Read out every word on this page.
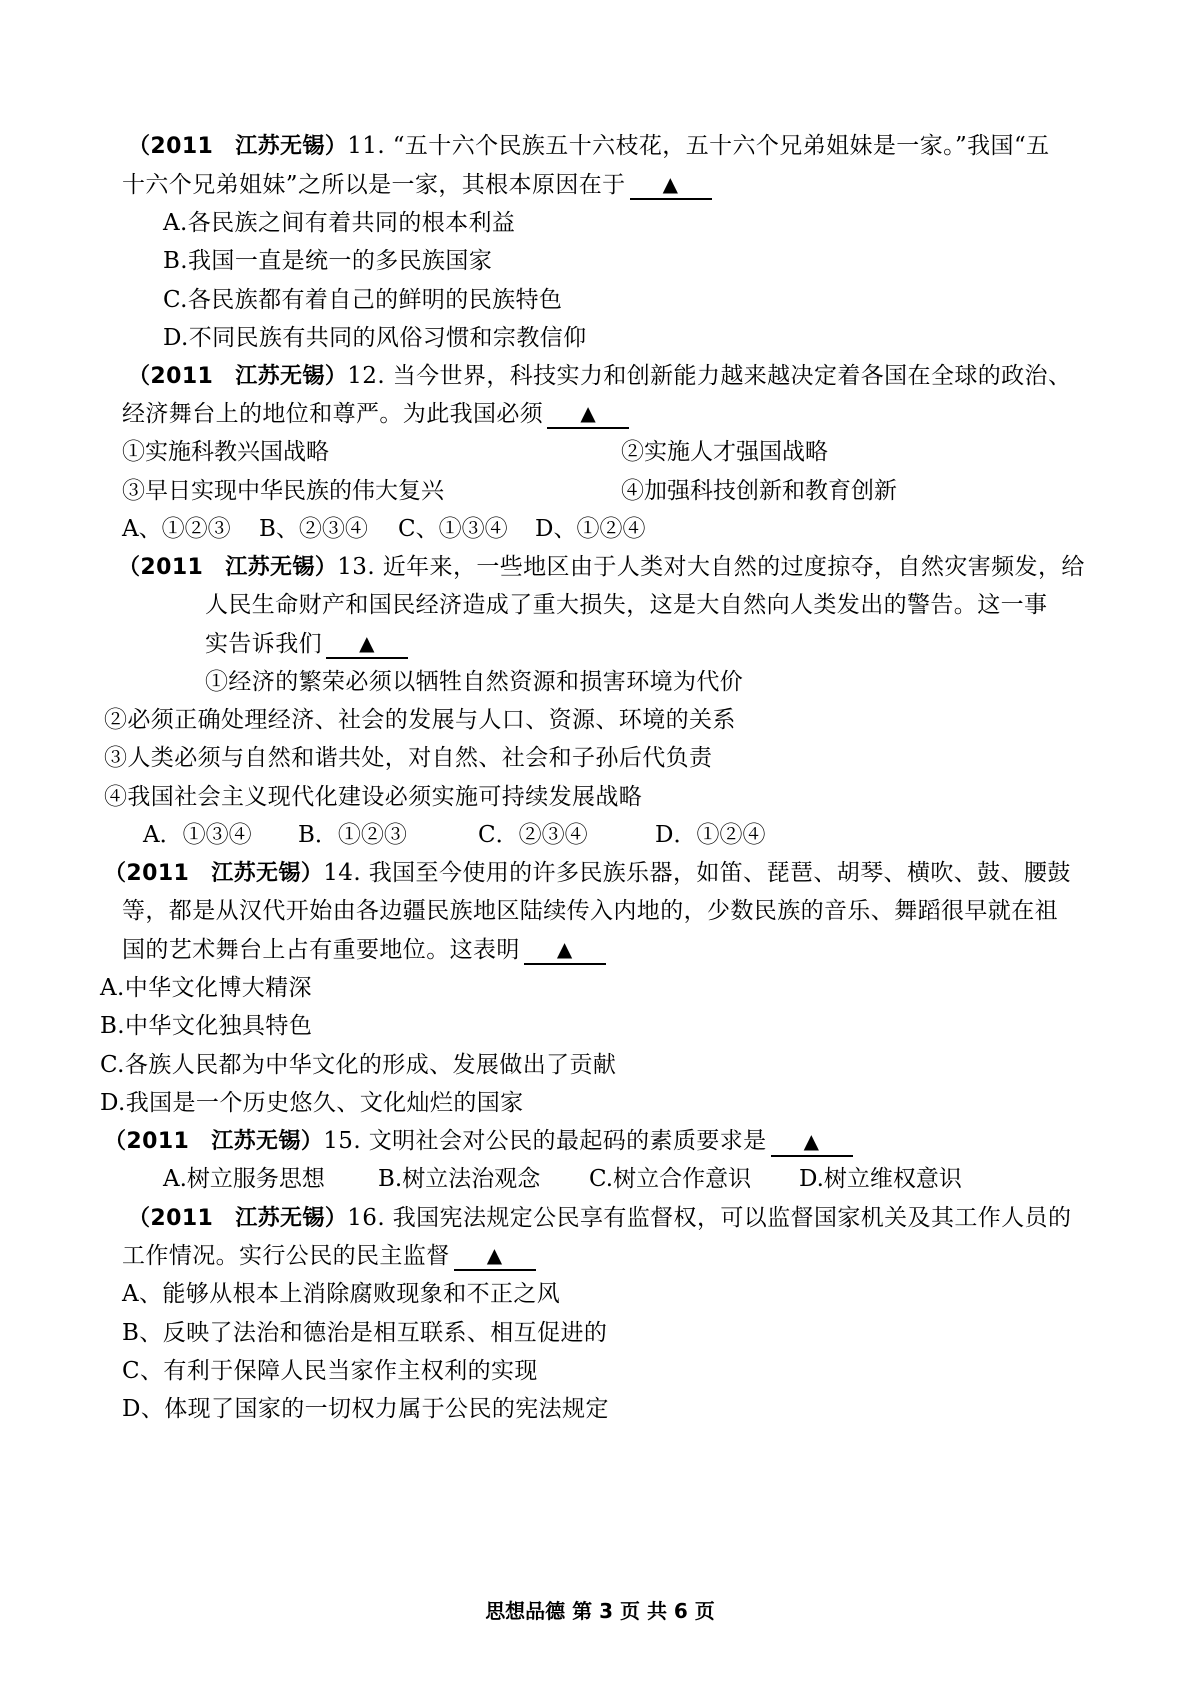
（2011 江苏无锡）11. “五十六个民族五十六枝花，五十六个兄弟姐妹是一家。”我国“五
十六个兄弟姐妹”之所以是一家，其根本原因在于 ▲
A.各民族之间有着共同的根本利益
B.我国一直是统一的多民族国家
C.各民族都有着自己的鲜明的民族特色
D.不同民族有共同的风俗习惯和宗教信仰
（2011 江苏无锡）12. 当今世界，科技实力和创新能力越来越决定着各国在全球的政治、
经济舞台上的地位和尊严。为此我国必须 ▲
①实施科教兴国战略	②实施人才强国战略
③早日实现中华民族的伟大复兴	④加强科技创新和教育创新
A、①②③ B、②③④ C、①③④ D、①②④
（2011 江苏无锡）13. 近年来，一些地区由于人类对大自然的过度掠夺，自然灾害频发，给
人民生命财产和国民经济造成了重大损失，这是大自然向人类发出的警告。这一事
实告诉我们 ▲
①经济的繁荣必须以牺牲自然资源和损害环境为代价
②必须正确处理经济、社会的发展与人口、资源、环境的关系
③人类必须与自然和谐共处，对自然、社会和子孙后代负责
④我国社会主义现代化建设必须实施可持续发展战略
A．①③④ B．①②③	C．②③④	D．①②④
（2011 江苏无锡）14. 我国至今使用的许多民族乐器，如笛、琵琶、胡琴、横吹、鼓、腰鼓
等，都是从汉代开始由各边疆民族地区陆续传入内地的，少数民族的音乐、舞蹈很早就在祖
国的艺术舞台上占有重要地位。这表明 ▲
A.中华文化博大精深
B.中华文化独具特色
C.各族人民都为中华文化的形成、发展做出了贡献
D.我国是一个历史悠久、文化灿烂的国家
（2011 江苏无锡）15. 文明社会对公民的最起码的素质要求是 ▲
A.树立服务思想 B.树立法治观念 C.树立合作意识 D.树立维权意识
（2011 江苏无锡）16. 我国宪法规定公民享有监督权，可以监督国家机关及其工作人员的
工作情况。实行公民的民主监督 ▲
A、能够从根本上消除腐败现象和不正之风
B、反映了法治和德治是相互联系、相互促进的
C、有利于保障人民当家作主权利的实现
D、体现了国家的一切权力属于公民的宪法规定
思想品德 第 3 页 共 6 页
